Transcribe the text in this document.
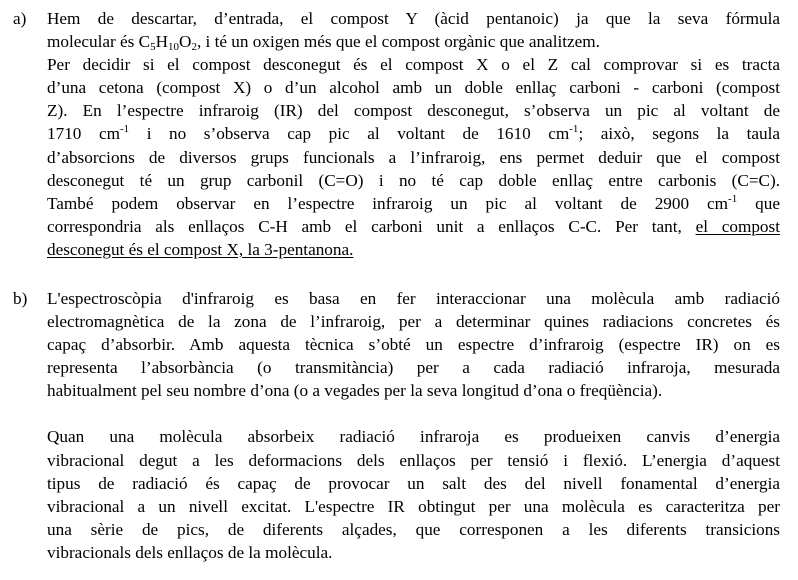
a) Hem de descartar, d’entrada, el compost Y (àcid pentanoic) ja que la seva fórmula
molecular és $C_5H_{10}O_2$, i té un oxigen més que el compost orgànic que analitzem.
Per decidir si el compost desconegut és el compost X o el Z cal comprovar si es tracta
d’una cetona (compost X) o d’un alcohol amb un doble enllaç carboni - carboni (compost
Z). En l’espectre infraroig (IR) del compost desconegut, s’observa un pic al voltant de
1710 $cm^{-1}$ i no s’observa cap pic al voltant de 1610 $cm^{-1}$; això, segons la taula
d’absorcions de diversos grups funcionals a l’infraroig, ens permet deduir que el compost
desconegut té un grup carbonil (C=O) i no té cap doble enllaç entre carbonis (C=C).
També podem observar en l’espectre infraroig un pic al voltant de 2900 $cm^{-1}$ que
correspondria als enllaços C-H amb el carboni unit a enllaços C-C. Per tant, el compost
desconegut és el compost X, la 3-pentanona.
b) L'espectroscòpia d'infraroig es basa en fer interaccionar una molècula amb radiació
electromagnètica de la zona de l’infraroig, per a determinar quines radiacions concretes és
capaç d’absorbir. Amb aquesta tècnica s’obté un espectre d’infraroig (espectre IR) on es
representa l’absorbància (o transmitància) per a cada radiació infraroja, mesurada
habitualment pel seu nombre d’ona (o a vegades per la seva longitud d’ona o freqüència).
Quan una molècula absorbeix radiació infraroja es produeixen canvis d’energia
vibracional degut a les deformacions dels enllaços per tensió i flexió. L’energia d’aquest
tipus de radiació és capaç de provocar un salt des del nivell fonamental d’energia
vibracional a un nivell excitat. L'espectre IR obtingut per una molècula es caracteritza per
una sèrie de pics, de diferents alçades, que corresponen a les diferents transicions
vibracionals dels enllaços de la molècula.
